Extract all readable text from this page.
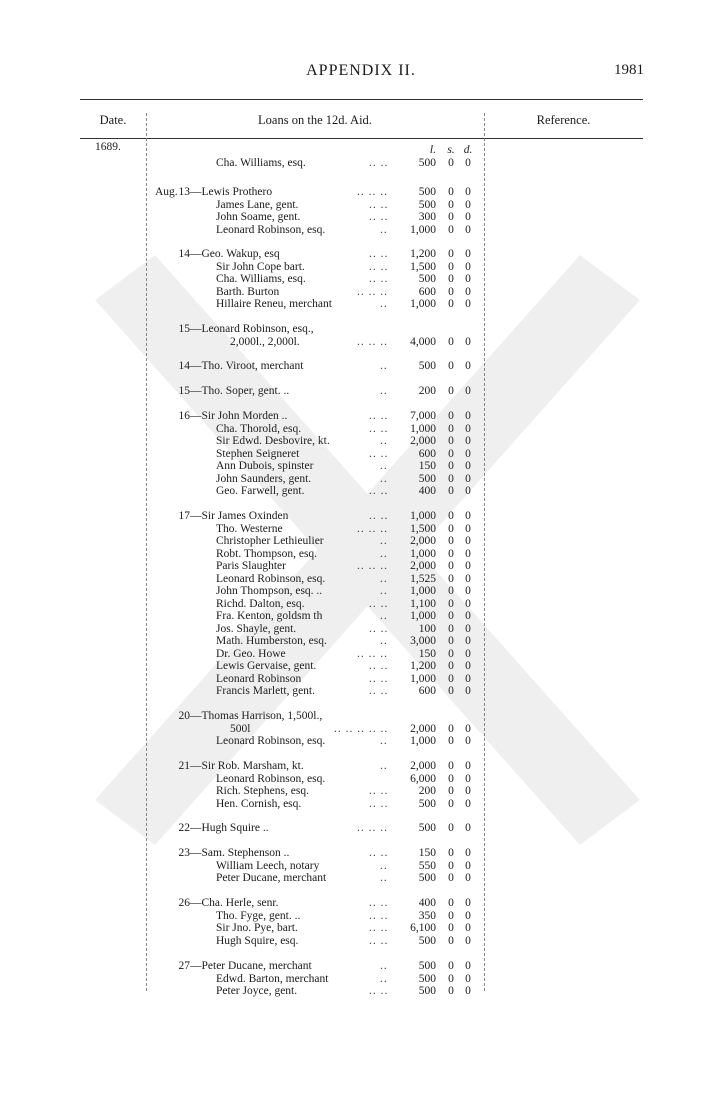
APPENDIX II.	1981
Date.	Loans on the 12d. Aid.	Reference.
l. s. d.
1689.
Cha. Williams, esq.	.. ..	500 0 0
Aug. 13 —Lewis Prothero	.. .. ..	500 0 0
James Lane, gent.	.. ..	500 0 0
John Soame, gent.	.. ..	300 0 0
Leonard Robinson, esq.	..	1,000 0 0
14 —Geo. Wakup, esq	.. ..	1,200 0 0
Sir John Cope bart.	.. ..	1,500 0 0
Cha. Williams, esq.	.. ..	500 0 0
Barth. Burton	.. .. ..	600 0 0
Hillaire Reneu, merchant	..	1,000 0 0
15 —Leonard Robinson, esq.,
2,000l., 2,000l.	.. .. ..	4,000 0 0
14 —Tho. Viroot, merchant	..	500 0 0
15 —Tho. Soper, gent. ..	..	200 0 0
16 —Sir John Morden ..	.. ..	7,000 0 0
Cha. Thorold, esq.	.. ..	1,000 0 0
Sir Edwd. Desbovire, kt.	..	2,000 0 0
Stephen Seigneret	.. ..	600 0 0
Ann Dubois, spinster	..	150 0 0
John Saunders, gent.	..	500 0 0
Geo. Farwell, gent.	.. ..	400 0 0
17 —Sir James Oxinden	.. ..	1,000 0 0
Tho. Westerne	.. .. ..	1,500 0 0
Christopher Lethieulier	..	2,000 0 0
Robt. Thompson, esq.	..	1,000 0 0
Paris Slaughter	.. .. ..	2,000 0 0
Leonard Robinson, esq.	..	1,525 0 0
John Thompson, esq. ..	..	1,000 0 0
Richd. Dalton, esq.	.. ..	1,100 0 0
Fra. Kenton, goldsm th	..	1,000 0 0
Jos. Shayle, gent.	.. ..	100 0 0
Math. Humberston, esq.	..	3,000 0 0
Dr. Geo. Howe	.. .. ..	150 0 0
Lewis Gervaise, gent.	.. ..	1,200 0 0
Leonard Robinson	.. ..	1,000 0 0
Francis Marlett, gent.	.. ..	600 0 0
20 —Thomas Harrison, 1,500l.,
500l	.. .. .. .. ..	2,000 0 0
Leonard Robinson, esq.	..	1,000 0 0
21 —Sir Rob. Marsham, kt.	..	2,000 0 0
Leonard Robinson, esq.	6,000 0 0
Rich. Stephens, esq.	.. ..	200 0 0
Hen. Cornish, esq.	.. ..	500 0 0
22 —Hugh Squire ..	.. .. ..	500 0 0
23 —Sam. Stephenson ..	.. ..	150 0 0
William Leech, notary	..	550 0 0
Peter Ducane, merchant	..	500 0 0
26 —Cha. Herle, senr.	.. ..	400 0 0
Tho. Fyge, gent. ..	.. ..	350 0 0
Sir Jno. Pye, bart.	.. ..	6,100 0 0
Hugh Squire, esq.	.. ..	500 0 0
27 —Peter Ducane, merchant	..	500 0 0
Edwd. Barton, merchant	..	500 0 0
Peter Joyce, gent.	.. ..	500 0 0
